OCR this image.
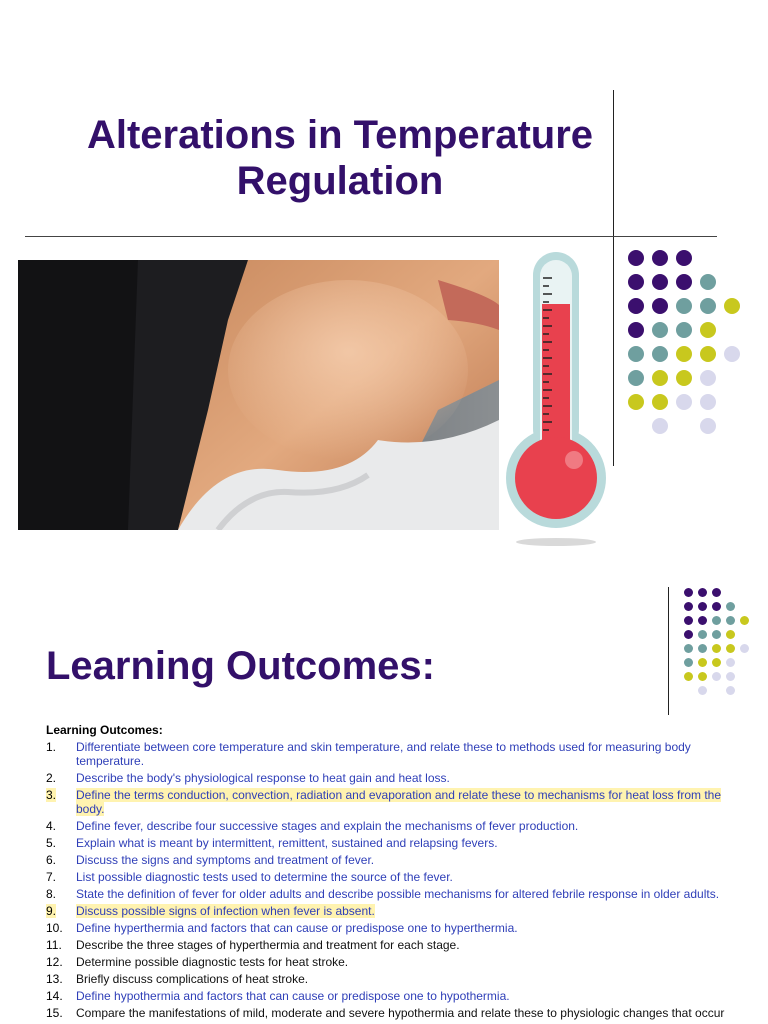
Alterations in Temperature Regulation
Learning Outcomes:
Learning Outcomes:
1. Differentiate between core temperature and skin temperature, and relate these to methods used for measuring body temperature.
2. Describe the body's physiological response to heat gain and heat loss.
3. Define the terms conduction, convection, radiation and evaporation and relate these to mechanisms for heat loss from the body.
4. Define fever, describe four successive stages and explain the mechanisms of fever production.
5. Explain what is meant by intermittent, remittent, sustained and relapsing fevers.
6. Discuss the signs and symptoms and treatment of fever.
7. List possible diagnostic tests used to determine the source of the fever.
8. State the definition of fever for older adults and describe possible mechanisms for altered febrile response in older adults.
9. Discuss possible signs of infection when fever is absent.
10. Define hyperthermia and factors that can cause or predispose one to hyperthermia.
11. Describe the three stages of hyperthermia and treatment for each stage.
12. Determine possible diagnostic tests for heat stroke.
13. Briefly discuss complications of heat stroke.
14. Define hypothermia and factors that can cause or predispose one to hypothermia.
15. Compare the manifestations of mild, moderate and severe hypothermia and relate these to physiologic changes that occur
